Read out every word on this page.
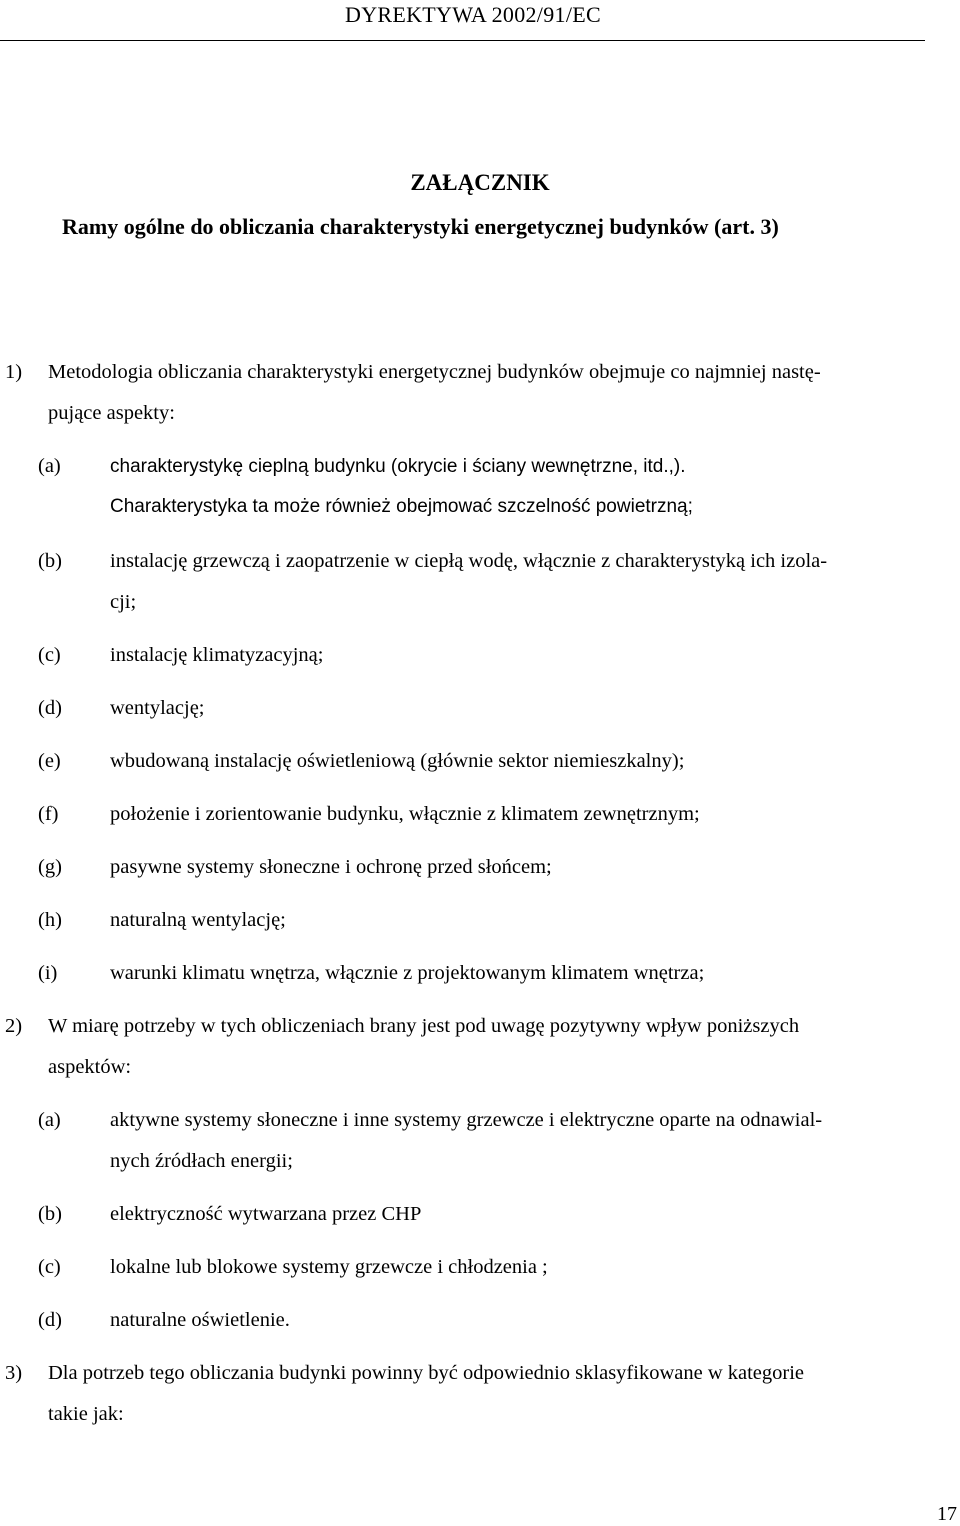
DYREKTYWA 2002/91/EC
ZAŁĄCZNIK
Ramy ogólne do obliczania charakterystyki energetycznej budynków (art. 3)
1) Metodologia obliczania charakterystyki energetycznej budynków obejmuje co najmniej nastę-
pujące aspekty:
(a)	charakterystykę cieplną budynku (okrycie i ściany wewnętrzne, itd.,).
Charakterystyka ta może również obejmować szczelność powietrzną;
(b) instalację grzewczą i zaopatrzenie w ciepłą wodę, włącznie z charakterystyką ich izola-
cji;
(c) instalację klimatyzacyjną;
(d) wentylację;
(e) wbudowaną instalację oświetleniową (głównie sektor niemieszkalny);
(f)	położenie i zorientowanie budynku, włącznie z klimatem zewnętrznym;
(g) pasywne systemy słoneczne i ochronę przed słońcem;
(h) naturalną wentylację;
(i)	warunki klimatu wnętrza, włącznie z projektowanym klimatem wnętrza;
2) W miarę potrzeby w tych obliczeniach brany jest pod uwagę pozytywny wpływ poniższych
aspektów:
(a) aktywne systemy słoneczne i inne systemy grzewcze i elektryczne oparte na odnawial-
nych źródłach energii;
(b) elektryczność wytwarzana przez CHP
(c) lokalne lub blokowe systemy grzewcze i chłodzenia ;
(d) naturalne oświetlenie.
3) Dla potrzeb tego obliczania budynki powinny być odpowiednio sklasyfikowane w kategorie
takie jak:
17
